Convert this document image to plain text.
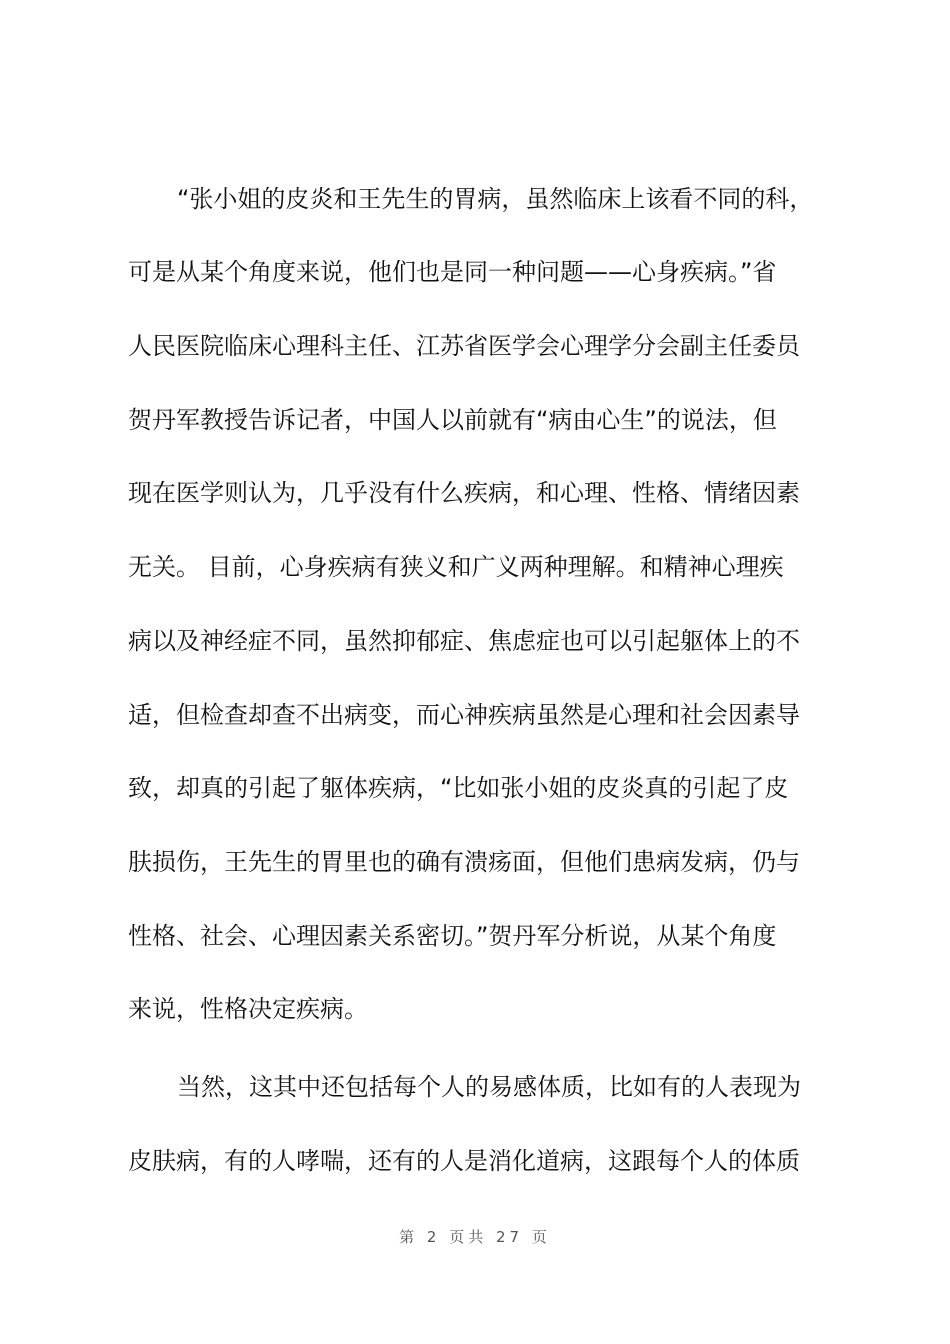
“张小姐的皮炎和王先生的胃病，虽然临床上该看不同的科，
可是从某个角度来说，他们也是同一种问题——心身疾病。”省
人民医院临床心理科主任、江苏省医学会心理学分会副主任委员
贺丹军教授告诉记者，中国人以前就有“病由心生”的说法，但
现在医学则认为，几乎没有什么疾病，和心理、性格、情绪因素
无关。 目前，心身疾病有狭义和广义两种理解。和精神心理疾
病以及神经症不同，虽然抑郁症、焦虑症也可以引起躯体上的不
适，但检查却查不出病变，而心神疾病虽然是心理和社会因素导
致，却真的引起了躯体疾病，“比如张小姐的皮炎真的引起了皮
肤损伤，王先生的胃里也的确有溃疡面，但他们患病发病，仍与
性格、社会、心理因素关系密切。”贺丹军分析说，从某个角度
来说，性格决定疾病。
当然，这其中还包括每个人的易感体质，比如有的人表现为
皮肤病，有的人哮喘，还有的人是消化道病，这跟每个人的体质
第 2 页共 27 页
